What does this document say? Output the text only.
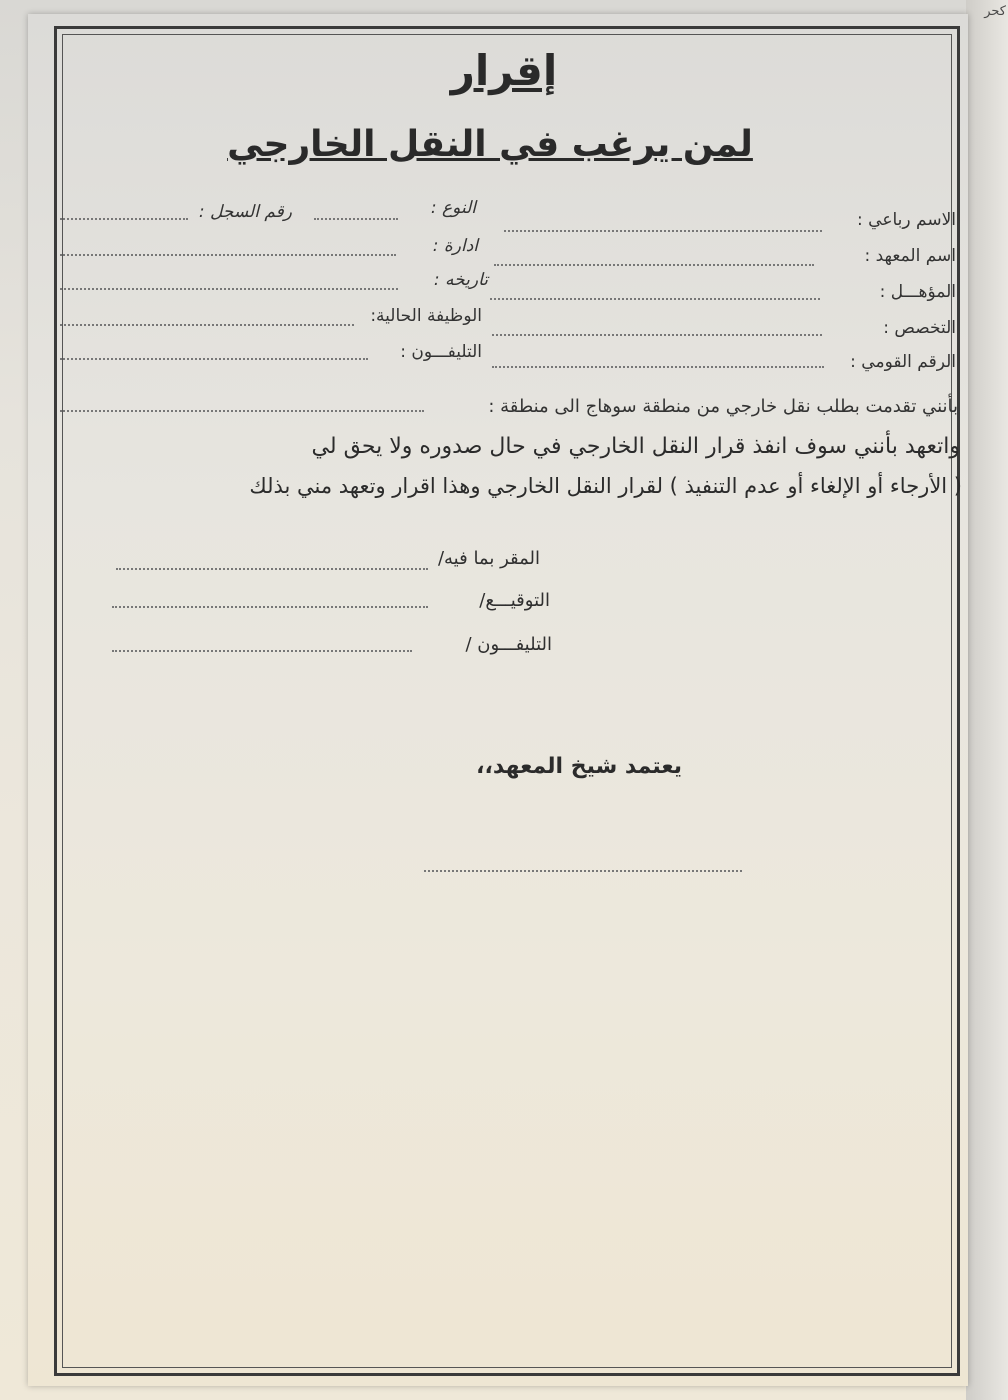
كحر
إقرار
لمن يرغب في النقل الخارجي
الاسم رباعي :
اسم المعهد :
المؤهـــل :
التخصص :
الرقم القومي :
النوع :
ادارة :
تاريخه :
الوظيفة الحالية:
التليفـــون :
رقم السجل :
بأنني تقدمت بطلب نقل خارجي من منطقة سوهاج الى منطقة :
واتعهد بأنني سوف انفذ قرار النقل الخارجي في حال صدوره ولا يحق لي
( الأرجاء أو الإلغاء أو عدم التنفيذ ) لقرار النقل الخارجي وهذا اقرار وتعهد مني بذلك
المقر بما فيه/
التوقيـــع/
التليفـــون /
يعتمد شيخ المعهد،،
